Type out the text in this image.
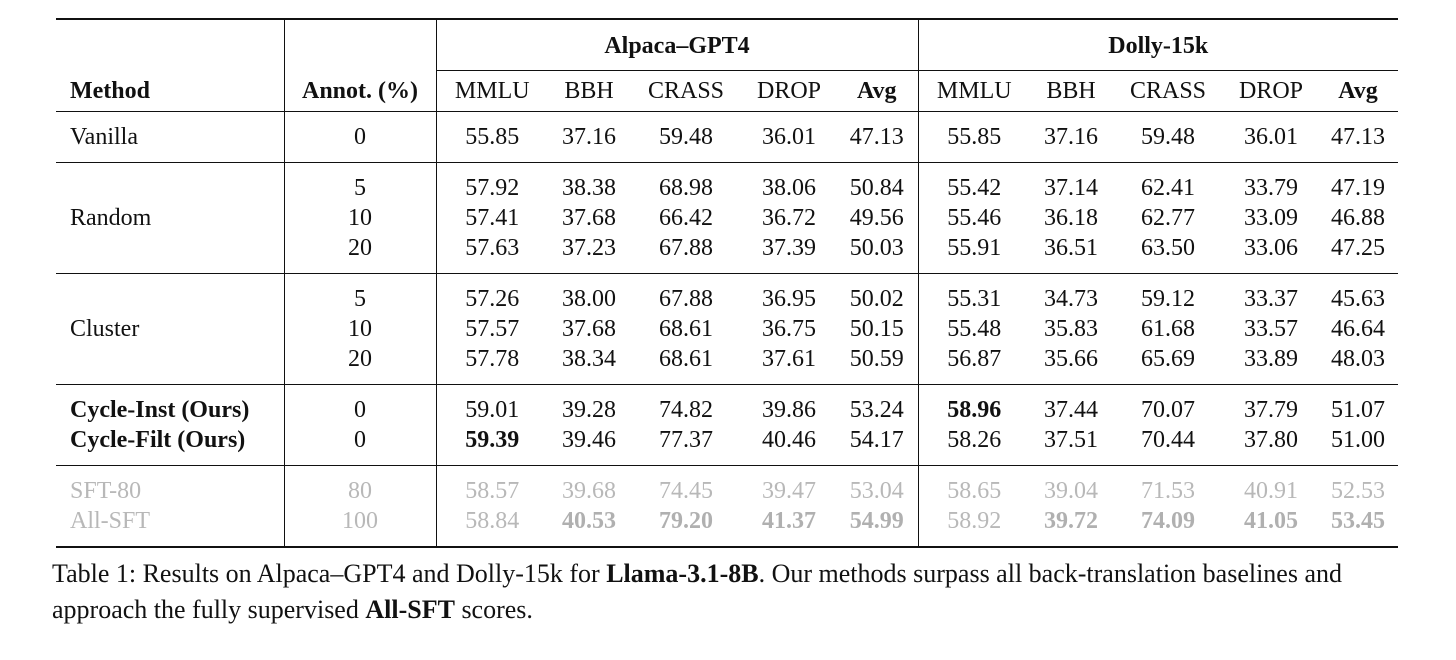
		Alpaca–GPT4					Dolly-15k				

Method	Annot. (%)	MMLU	BBH	CRASS	DROP	Avg	MMLU	BBH	CRASS	DROP	Avg

Vanilla	0	55.85	37.16	59.48	36.01	47.13	55.85	37.16	59.48	36.01	47.13

	5	57.92	38.38	68.98	38.06	50.84	55.42	37.14	62.41	33.79	47.19
Random	10	57.41	37.68	66.42	36.72	49.56	55.46	36.18	62.77	33.09	46.88
	20	57.63	37.23	67.88	37.39	50.03	55.91	36.51	63.50	33.06	47.25

	5	57.26	38.00	67.88	36.95	50.02	55.31	34.73	59.12	33.37	45.63
Cluster	10	57.57	37.68	68.61	36.75	50.15	55.48	35.83	61.68	33.57	46.64
	20	57.78	38.34	68.61	37.61	50.59	56.87	35.66	65.69	33.89	48.03

Cycle-Inst (Ours)	0	59.01	39.28	74.82	39.86	53.24	58.96	37.44	70.07	37.79	51.07
Cycle-Filt (Ours)	0	59.39	39.46	77.37	40.46	54.17	58.26	37.51	70.44	37.80	51.00

SFT-80	80	58.57	39.68	74.45	39.47	53.04	58.65	39.04	71.53	40.91	52.53
All-SFT	100	58.84	40.53	79.20	41.37	54.99	58.92	39.72	74.09	41.05	53.45

Table 1: Results on Alpaca–GPT4 and Dolly-15k for Llama-3.1-8B. Our methods surpass all back-translation baselines and approach the fully supervised All-SFT scores.
